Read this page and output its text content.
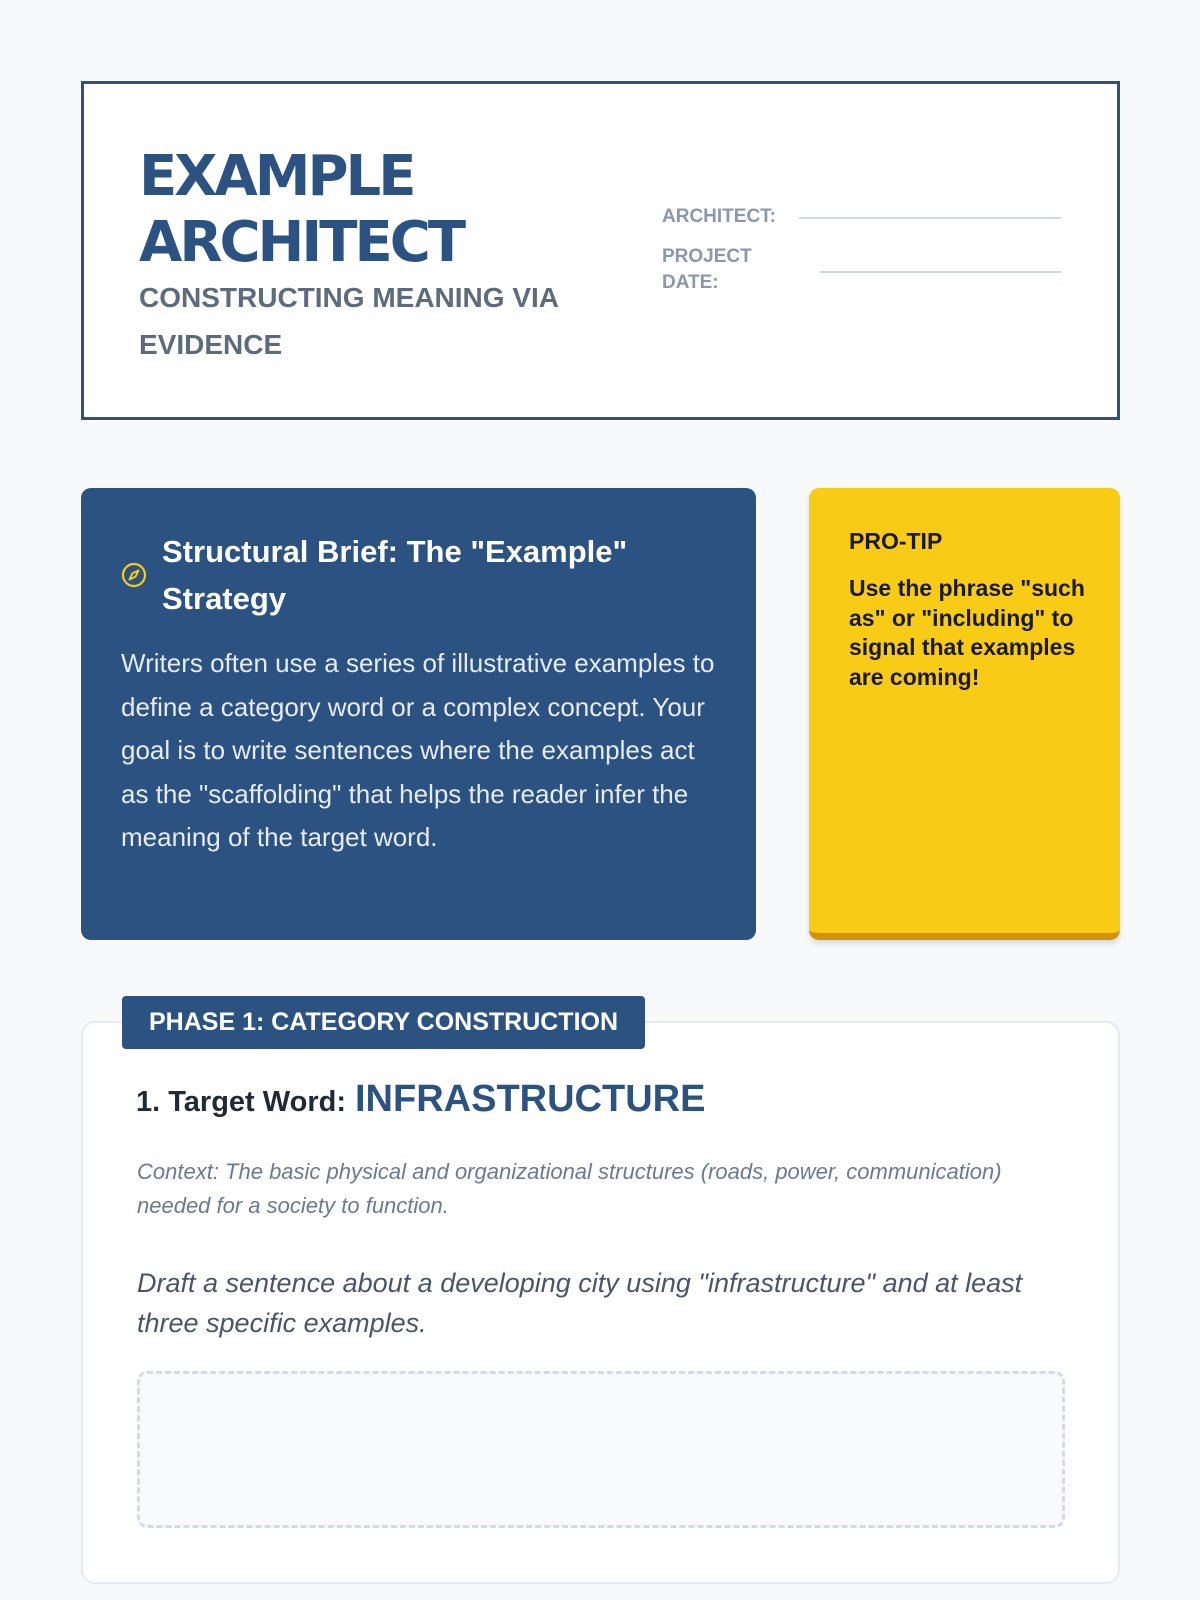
EXAMPLE ARCHITECT
CONSTRUCTING MEANING VIA EVIDENCE
ARCHITECT:
PROJECT
DATE:
Structural Brief: The "Example" Strategy
Writers often use a series of illustrative examples to define a category word or a complex concept. Your goal is to write sentences where the examples act as the "scaffolding" that helps the reader infer the meaning of the target word.
PRO-TIP
Use the phrase "such as" or "including" to signal that examples are coming!
PHASE 1: CATEGORY CONSTRUCTION
1. Target Word: INFRASTRUCTURE
Context: The basic physical and organizational structures (roads, power, communication) needed for a society to function.
Draft a sentence about a developing city using "infrastructure" and at least three specific examples.
